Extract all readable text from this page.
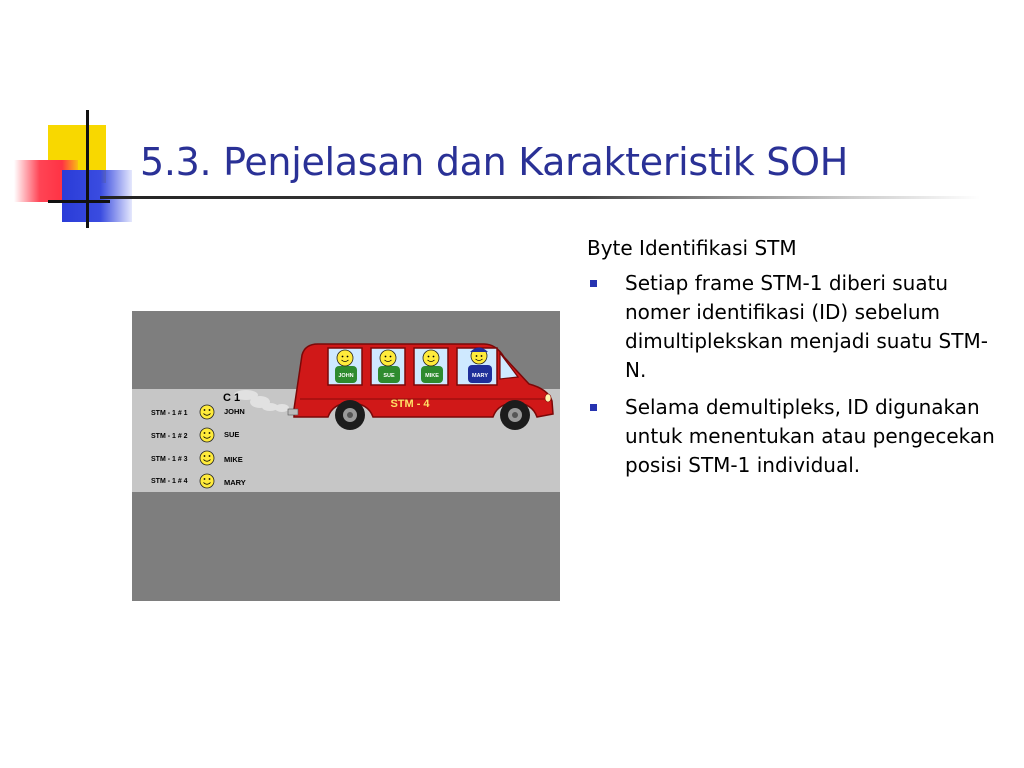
5.3. Penjelasan dan Karakteristik SOH
C 1
STM - 1 # 1	JOHN
STM - 1 # 2	SUE
STM - 1 # 3	MIKE
STM - 1 # 4	MARY
JOHN	SUE	MIKE	MARY
STM - 4

Byte Identifikasi STM

Setiap frame STM-1 diberi suatu nomer identifikasi (ID) sebelum dimultiplekskan menjadi suatu STM-N.
Selama demultipleks, ID digunakan untuk menentukan atau pengecekan posisi STM-1 individual.
